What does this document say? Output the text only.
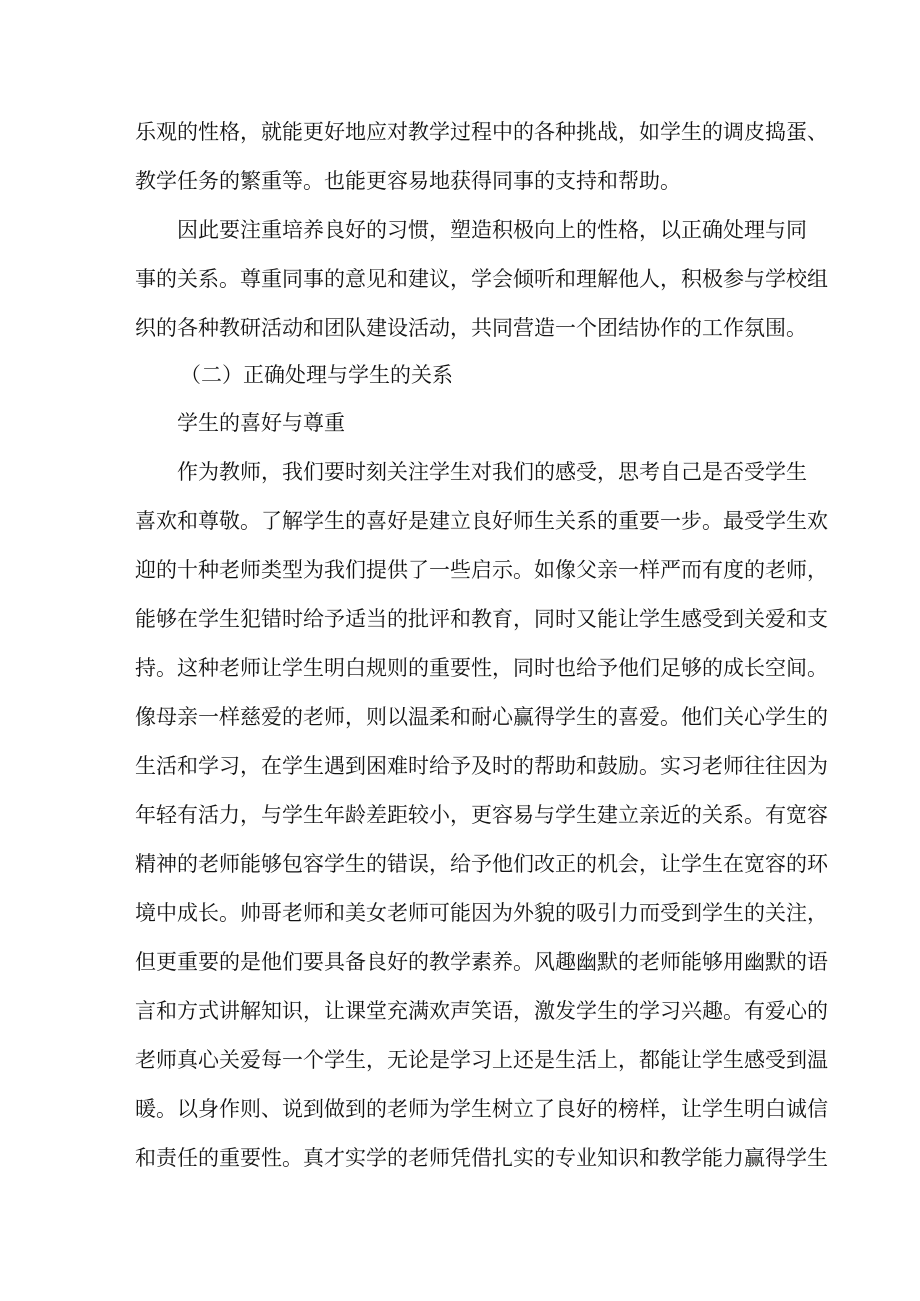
乐观的性格，就能更好地应对教学过程中的各种挑战，如学生的调皮捣蛋、
教学任务的繁重等。也能更容易地获得同事的支持和帮助。
因此要注重培养良好的习惯，塑造积极向上的性格，以正确处理与同
事的关系。尊重同事的意见和建议，学会倾听和理解他人，积极参与学校组
织的各种教研活动和团队建设活动，共同营造一个团结协作的工作氛围。
（二）正确处理与学生的关系
学生的喜好与尊重
作为教师，我们要时刻关注学生对我们的感受，思考自己是否受学生
喜欢和尊敬。了解学生的喜好是建立良好师生关系的重要一步。最受学生欢
迎的十种老师类型为我们提供了一些启示。如像父亲一样严而有度的老师，
能够在学生犯错时给予适当的批评和教育，同时又能让学生感受到关爱和支
持。这种老师让学生明白规则的重要性，同时也给予他们足够的成长空间。
像母亲一样慈爱的老师，则以温柔和耐心赢得学生的喜爱。他们关心学生的
生活和学习，在学生遇到困难时给予及时的帮助和鼓励。实习老师往往因为
年轻有活力，与学生年龄差距较小，更容易与学生建立亲近的关系。有宽容
精神的老师能够包容学生的错误，给予他们改正的机会，让学生在宽容的环
境中成长。帅哥老师和美女老师可能因为外貌的吸引力而受到学生的关注，
但更重要的是他们要具备良好的教学素养。风趣幽默的老师能够用幽默的语
言和方式讲解知识，让课堂充满欢声笑语，激发学生的学习兴趣。有爱心的
老师真心关爱每一个学生，无论是学习上还是生活上，都能让学生感受到温
暖。以身作则、说到做到的老师为学生树立了良好的榜样，让学生明白诚信
和责任的重要性。真才实学的老师凭借扎实的专业知识和教学能力赢得学生
